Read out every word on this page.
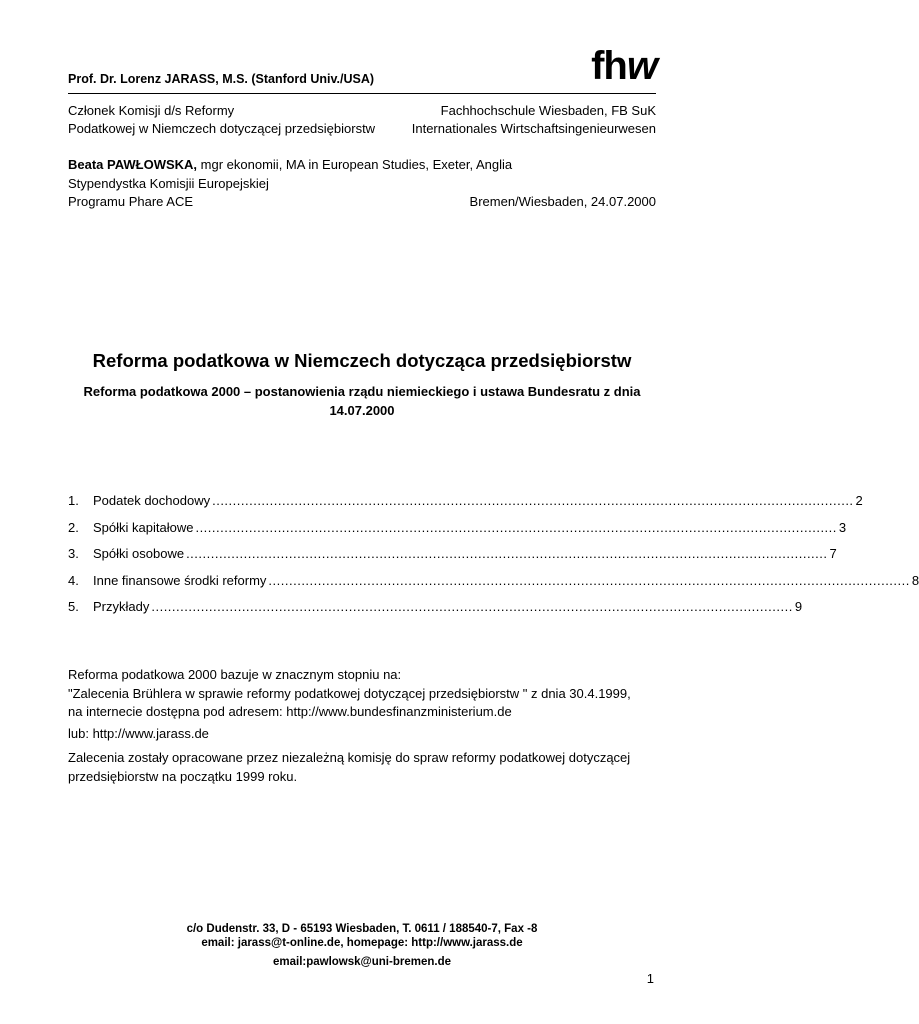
Prof. Dr. Lorenz JARASS, M.S. (Stanford Univ./USA)	fhw
Członek Komisji d/s Reformy	Fachhochschule Wiesbaden, FB SuK
Podatkowej w Niemczech dotyczącej przedsiębiorstw	Internationales Wirtschaftsingenieurwesen
Beata PAWŁOWSKA, mgr ekonomii, MA in European Studies, Exeter, Anglia
Stypendystka Komisjii Europejskiej
Programu Phare ACE	Bremen/Wiesbaden, 24.07.2000
Reforma podatkowa w Niemczech dotycząca przedsiębiorstw
Reforma podatkowa 2000 – postanowienia rządu niemieckiego i ustawa Bundesratu z dnia 14.07.2000
1.	Podatek dochodowy ............................................................................................................................................................ 2
2.	Spółki kapitałowe ............................................................................................................................................................ 3
3.	Spółki osobowe ............................................................................................................................................................ 7
4.	Inne finansowe środki reformy ............................................................................................................................................................ 8
5.	Przykłady ............................................................................................................................................................ 9
Reforma podatkowa 2000 bazuje w znacznym stopniu na:
"Zalecenia Brühlera w sprawie reformy podatkowej dotyczącej przedsiębiorstw " z dnia 30.4.1999,
na internecie dostępna pod adresem: http://www.bundesfinanzministerium.de
lub: http://www.jarass.de
Zalecenia zostały opracowane przez niezależną komisję do spraw reformy podatkowej dotyczącej przedsiębiorstw na początku 1999 roku.
c/o Dudenstr. 33, D - 65193 Wiesbaden, T. 0611 / 188540-7, Fax -8
email: jarass@t-online.de, homepage: http://www.jarass.de
email:pawlowsk@uni-bremen.de
1
